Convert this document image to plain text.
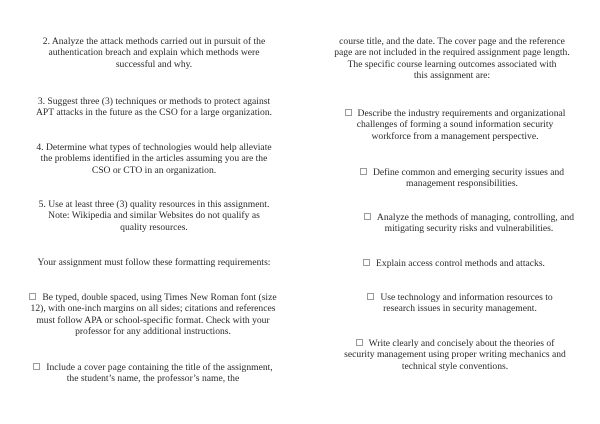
2. Analyze the attack methods carried out in pursuit of the authentication breach and explain which methods were successful and why.

3. Suggest three (3) techniques or methods to protect against APT attacks in the future as the CSO for a large organization.

4. Determine what types of technologies would help alleviate the problems identified in the articles assuming you are the CSO or CTO in an organization.

5. Use at least three (3) quality resources in this assignment. Note: Wikipedia and similar Websites do not qualify as quality resources.

Your assignment must follow these formatting requirements:

Be typed, double spaced, using Times New Roman font (size 12), with one-inch margins on all sides; citations and references must follow APA or school-specific format. Check with your professor for any additional instructions.

Include a cover page containing the title of the assignment, the student’s name, the professor’s name, the

course title, and the date. The cover page and the reference page are not included in the required assignment page length.

The specific course learning outcomes associated with this assignment are:

Describe the industry requirements and organizational challenges of forming a sound information security workforce from a management perspective.

Define common and emerging security issues and management responsibilities.

Analyze the methods of managing, controlling, and mitigating security risks and vulnerabilities.

Explain access control methods and attacks.

Use technology and information resources to research issues in security management.

Write clearly and concisely about the theories of security management using proper writing mechanics and technical style conventions.
